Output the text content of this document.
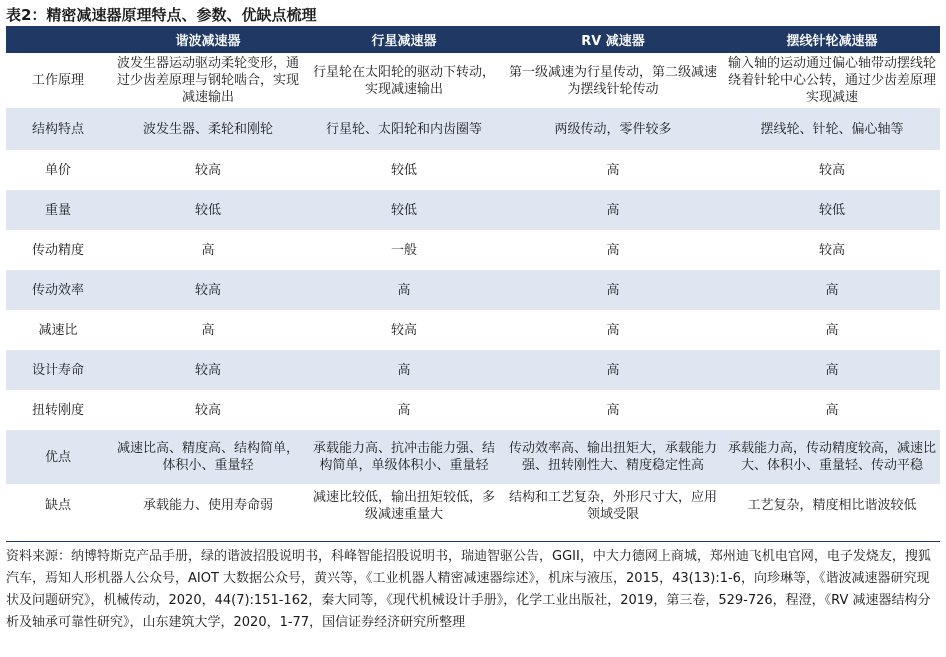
表2：精密减速器原理特点、参数、优缺点梳理
	谐波减速器	行星减速器	RV 减速器	摆线针轮减速器
工作原理	波发生器运动驱动柔轮变形，通过少齿差原理与钢轮啮合，实现减速输出	行星轮在太阳轮的驱动下转动，实现减速输出	第一级减速为行星传动，第二级减速为摆线针轮传动	输入轴的运动通过偏心轴带动摆线轮绕着针轮中心公转，通过少齿差原理实现减速
结构特点	波发生器、柔轮和刚轮	行星轮、太阳轮和内齿圈等	两级传动，零件较多	摆线轮、针轮、偏心轴等
单价	较高	较低	高	较高
重量	较低	较低	高	较低
传动精度	高	一般	高	较高
传动效率	较高	高	高	高
减速比	高	较高	高	高
设计寿命	较高	高	高	高
扭转刚度	较高	高	高	高
优点	减速比高、精度高、结构简单，体积小、重量轻	承载能力高、抗冲击能力强、结构简单，单级体积小、重量轻	传动效率高、输出扭矩大，承载能力强、扭转刚性大、精度稳定性高	承载能力高，传动精度较高，减速比大、体积小、重量轻、传动平稳
缺点	承载能力、使用寿命弱	减速比较低，输出扭矩较低，多级减速重量大	结构和工艺复杂，外形尺寸大，应用领域受限	工艺复杂，精度相比谐波较低
资料来源：纳博特斯克产品手册，绿的谐波招股说明书，科峰智能招股说明书，瑞迪智驱公告，GGII，中大力德网上商城，郑州迪飞机电官网，电子发烧友，搜狐汽车，焉知人形机器人公众号，AIOT 大数据公众号，黄兴等，《工业机器人精密减速器综述》，机床与液压，2015，43(13):1-6，向珍琳等，《谐波减速器研究现状及问题研究》，机械传动，2020，44(7):151-162，秦大同等，《现代机械设计手册》，化学工业出版社，2019，第三卷，529-726，程澄，《RV 减速器结构分析及轴承可靠性研究》，山东建筑大学，2020，1-77，国信证券经济研究所整理
